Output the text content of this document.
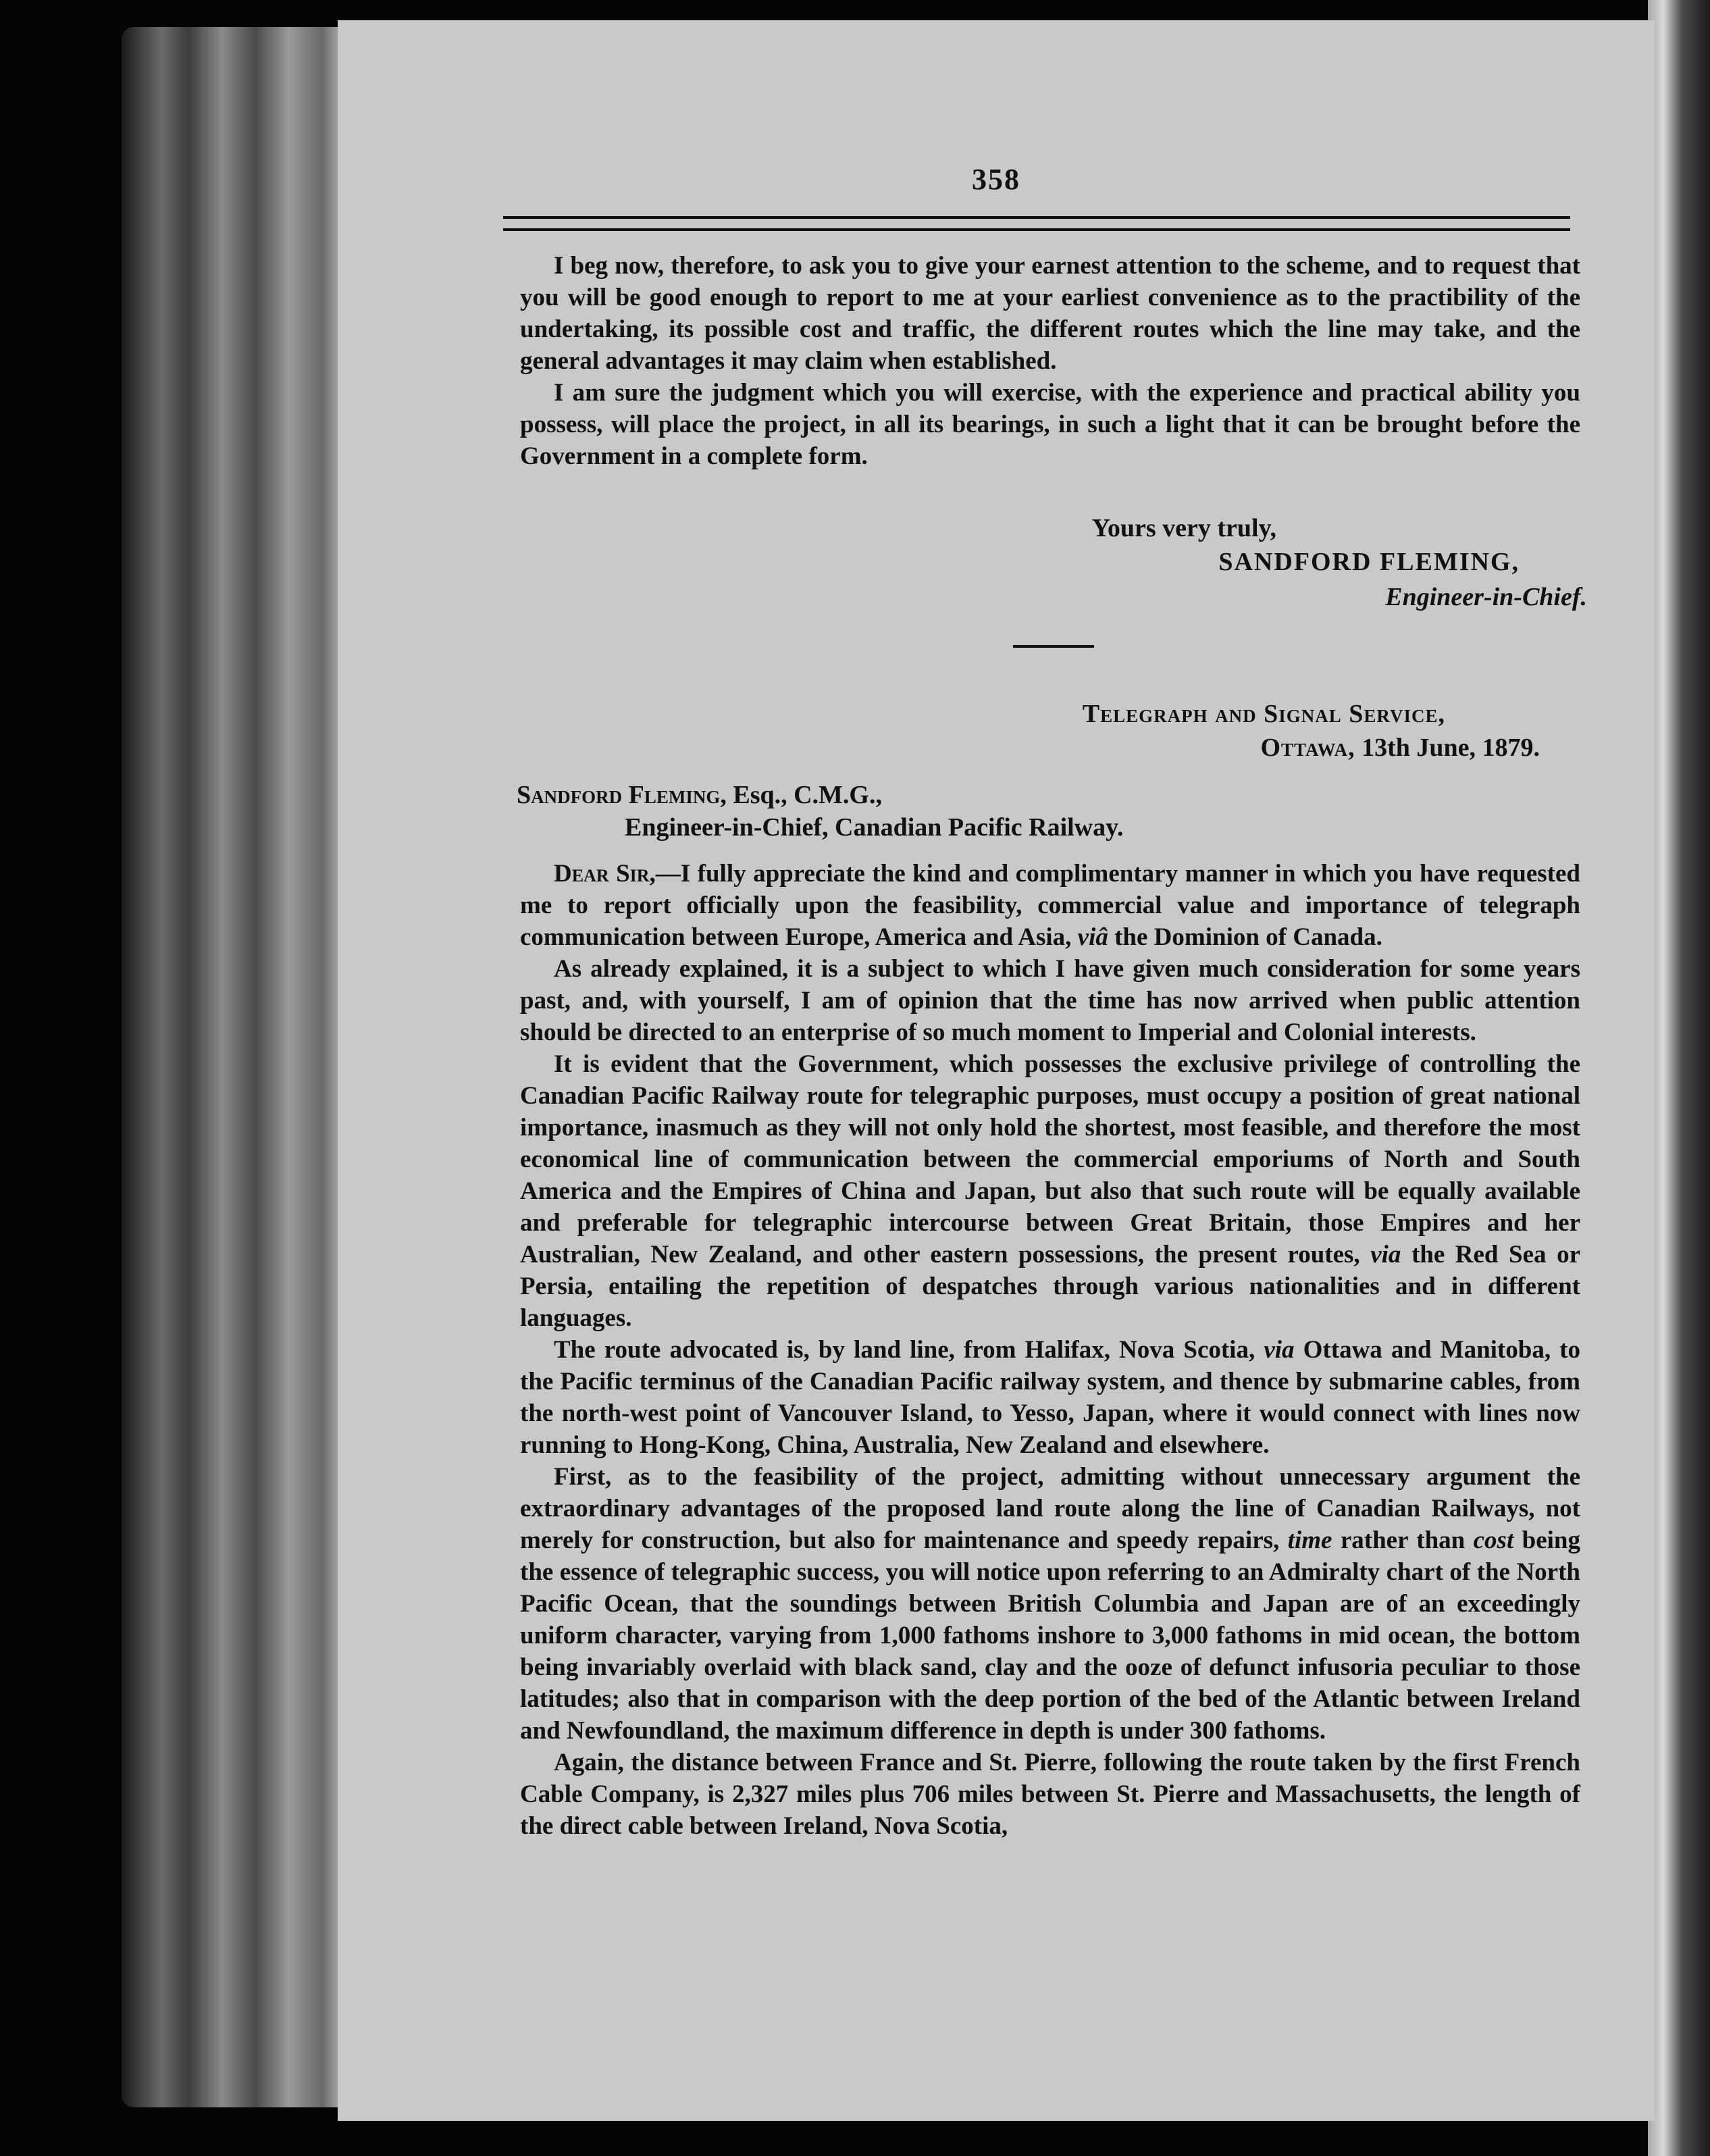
358

I beg now, therefore, to ask you to give your earnest attention to the scheme, and to request that you will be good enough to report to me at your earliest convenience as to the practibility of the undertaking, its possible cost and traffic, the different routes which the line may take, and the general advantages it may claim when established.

I am sure the judgment which you will exercise, with the experience and practical ability you possess, will place the project, in all its bearings, in such a light that it can be brought before the Government in a complete form.

Yours very truly,
SANDFORD FLEMING,
Engineer-in-Chief.
Telegraph and Signal Service,
Ottawa, 13th June, 1879.
Sandford Fleming, Esq., C.M.G.,
Engineer-in-Chief, Canadian Pacific Railway.

Dear Sir,—I fully appreciate the kind and complimentary manner in which you have requested me to report officially upon the feasibility, commercial value and importance of telegraph communication between Europe, America and Asia, viâ the Dominion of Canada.

As already explained, it is a subject to which I have given much consideration for some years past, and, with yourself, I am of opinion that the time has now arrived when public attention should be directed to an enterprise of so much moment to Imperial and Colonial interests.

It is evident that the Government, which possesses the exclusive privilege of controlling the Canadian Pacific Railway route for telegraphic purposes, must occupy a position of great national importance, inasmuch as they will not only hold the shortest, most feasible, and therefore the most economical line of communication between the commercial emporiums of North and South America and the Empires of China and Japan, but also that such route will be equally available and preferable for telegraphic intercourse between Great Britain, those Empires and her Australian, New Zealand, and other eastern possessions, the present routes, via the Red Sea or Persia, entailing the repetition of despatches through various nationalities and in different languages.

The route advocated is, by land line, from Halifax, Nova Scotia, via Ottawa and Manitoba, to the Pacific terminus of the Canadian Pacific railway system, and thence by submarine cables, from the north-west point of Vancouver Island, to Yesso, Japan, where it would connect with lines now running to Hong-Kong, China, Australia, New Zealand and elsewhere.

First, as to the feasibility of the project, admitting without unnecessary argument the extraordinary advantages of the proposed land route along the line of Canadian Railways, not merely for construction, but also for maintenance and speedy repairs, time rather than cost being the essence of telegraphic success, you will notice upon referring to an Admiralty chart of the North Pacific Ocean, that the soundings between British Columbia and Japan are of an exceedingly uniform character, varying from 1,000 fathoms inshore to 3,000 fathoms in mid ocean, the bottom being invariably overlaid with black sand, clay and the ooze of defunct infusoria peculiar to those latitudes; also that in comparison with the deep portion of the bed of the Atlantic between Ireland and Newfoundland, the maximum difference in depth is under 300 fathoms.

Again, the distance between France and St. Pierre, following the route taken by the first French Cable Company, is 2,327 miles plus 706 miles between St. Pierre and Massachusetts, the length of the direct cable between Ireland, Nova Scotia,
